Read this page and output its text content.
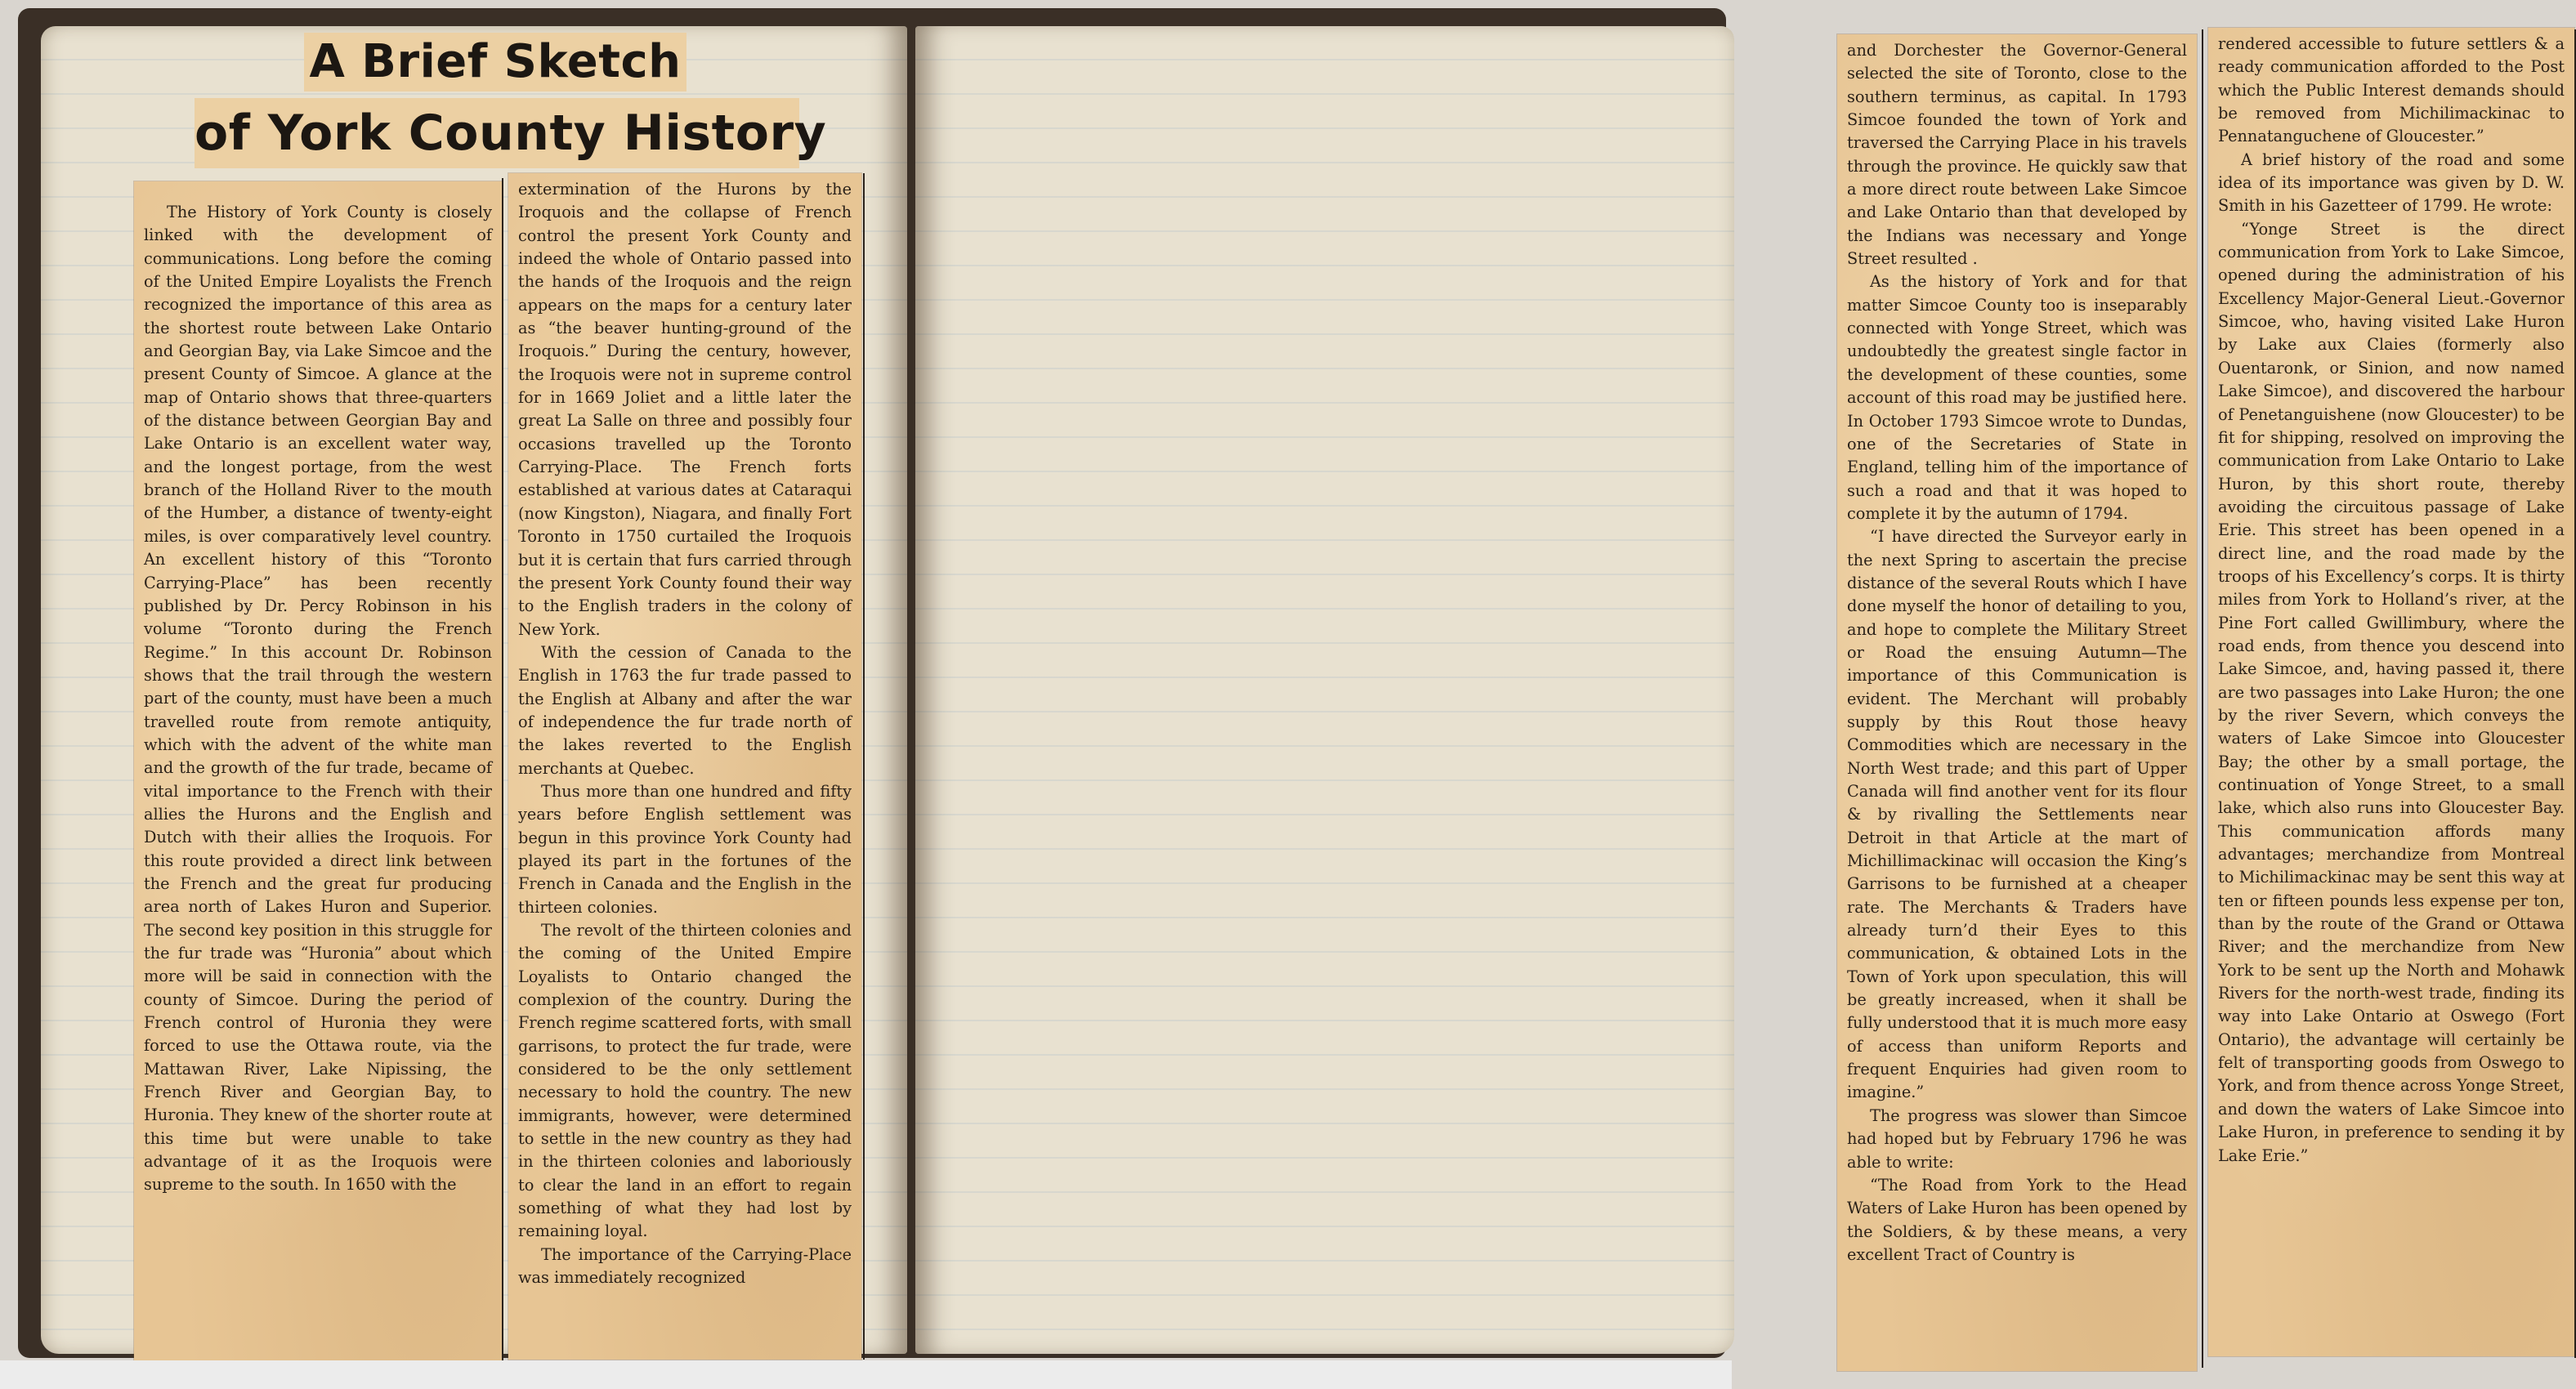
The History of York County is closely linked with the development of communications. Long before the coming of the United Empire Loyalists the French recognized the importance of this area as the shortest route between Lake Ontario and Georgian Bay, via Lake Simcoe and the present County of Simcoe. A glance at the map of Ontario shows that three-quarters of the distance between Georgian Bay and Lake Ontario is an excellent water way, and the longest portage, from the west branch of the Holland River to the mouth of the Humber, a distance of twenty-eight miles, is over comparatively level country. An excellent history of this “Toronto Carrying-Place” has been recently published by Dr. Percy Robinson in his volume “Toronto during the French Regime.” In this account Dr. Robinson shows that the trail through the western part of the county, must have been a much travelled route from remote antiquity, which with the advent of the white man and the growth of the fur trade, became of vital importance to the French with their allies the Hurons and the English and Dutch with their allies the Iroquois. For this route provided a direct link between the French and the great fur producing area north of Lakes Huron and Superior. The second key position in this struggle for the fur trade was “Huronia” about which more will be said in connection with the county of Simcoe. During the period of French control of Huronia they were forced to use the Ottawa route, via the Mattawan River, Lake Nipissing, the French River and Georgian Bay, to Huronia. They knew of the shorter route at this time but were unable to take advantage of it as the Iroquois were supreme to the south. In 1650 with the

extermination of the Hurons by the Iroquois and the collapse of French control the present York County and indeed the whole of Ontario passed into the hands of the Iroquois and the reign appears on the maps for a century later as “the beaver hunting-ground of the Iroquois.” During the century, however, the Iroquois were not in supreme control for in 1669 Joliet and a little later the great La Salle on three and possibly four occasions travelled up the Toronto Carrying-Place. The French forts established at various dates at Cataraqui (now Kingston), Niagara, and finally Fort Toronto in 1750 curtailed the Iroquois but it is certain that furs carried through the present York County found their way to the English traders in the colony of New York.

With the cession of Canada to the English in 1763 the fur trade passed to the English at Albany and after the war of independence the fur trade north of the lakes reverted to the English merchants at Quebec.

Thus more than one hundred and fifty years before English settlement was begun in this province York County had played its part in the fortunes of the French in Canada and the English in the thirteen colonies.

The revolt of the thirteen colonies and the coming of the United Empire Loyalists to Ontario changed the complexion of the country. During the French regime scattered forts, with small garrisons, to protect the fur trade, were considered to be the only settlement necessary to hold the country. The new immigrants, however, were determined to settle in the new country as they had in the thirteen colonies and laboriously to clear the land in an effort to regain something of what they had lost by remaining loyal.

The importance of the Carrying-Place was immediately recognized

A Brief Sketch
of York County History

and Dorchester the Governor-General selected the site of Toronto, close to the southern terminus, as capital. In 1793 Simcoe founded the town of York and traversed the Carrying Place in his travels through the province. He quickly saw that a more direct route between Lake Simcoe and Lake Ontario than that developed by the Indians was necessary and Yonge Street resulted .

As the history of York and for that matter Simcoe County too is inseparably connected with Yonge Street, which was undoubtedly the greatest single factor in the development of these counties, some account of this road may be justified here. In October 1793 Simcoe wrote to Dundas, one of the Secretaries of State in England, telling him of the importance of such a road and that it was hoped to complete it by the autumn of 1794.

“I have directed the Surveyor early in the next Spring to ascertain the precise distance of the several Routs which I have done myself the honor of detailing to you, and hope to complete the Military Street or Road the ensuing Autumn—The importance of this Communication is evident. The Merchant will probably supply by this Rout those heavy Commodities which are necessary in the North West trade; and this part of Upper Canada will find another vent for its flour & by rivalling the Settlements near Detroit in that Article at the mart of Michillimackinac will occasion the King’s Garrisons to be furnished at a cheaper rate. The Merchants & Traders have already turn’d their Eyes to this communication, & obtained Lots in the Town of York upon speculation, this will be greatly increased, when it shall be fully understood that it is much more easy of access than uniform Reports and frequent Enquiries had given room to imagine.”

The progress was slower than Simcoe had hoped but by February 1796 he was able to write:

“The Road from York to the Head Waters of Lake Huron has been opened by the Soldiers, & by these means, a very excellent Tract of Country is

rendered accessible to future settlers & a ready communication afforded to the Post which the Public Interest demands should be removed from Michilimackinac to Pennatanguchene of Gloucester.”

A brief history of the road and some idea of its importance was given by D. W. Smith in his Gazetteer of 1799. He wrote:

“Yonge Street is the direct communication from York to Lake Simcoe, opened during the administration of his Excellency Major-General Lieut.-Governor Simcoe, who, having visited Lake Huron by Lake aux Claies (formerly also Ouentaronk, or Sinion, and now named Lake Simcoe), and discovered the harbour of Penetanguishene (now Gloucester) to be fit for shipping, resolved on improving the communication from Lake Ontario to Lake Huron, by this short route, thereby avoiding the circuitous passage of Lake Erie. This street has been opened in a direct line, and the road made by the troops of his Excellency’s corps. It is thirty miles from York to Holland’s river, at the Pine Fort called Gwillimbury, where the road ends, from thence you descend into Lake Simcoe, and, having passed it, there are two passages into Lake Huron; the one by the river Severn, which conveys the waters of Lake Simcoe into Gloucester Bay; the other by a small portage, the continuation of Yonge Street, to a small lake, which also runs into Gloucester Bay. This communication affords many advantages; merchandize from Montreal to Michilimackinac may be sent this way at ten or fifteen pounds less expense per ton, than by the route of the Grand or Ottawa River; and the merchandize from New York to be sent up the North and Mohawk Rivers for the north-west trade, finding its way into Lake Ontario at Oswego (Fort Ontario), the advantage will certainly be felt of transporting goods from Oswego to York, and from thence across Yonge Street, and down the waters of Lake Simcoe into Lake Huron, in preference to sending it by Lake Erie.”
